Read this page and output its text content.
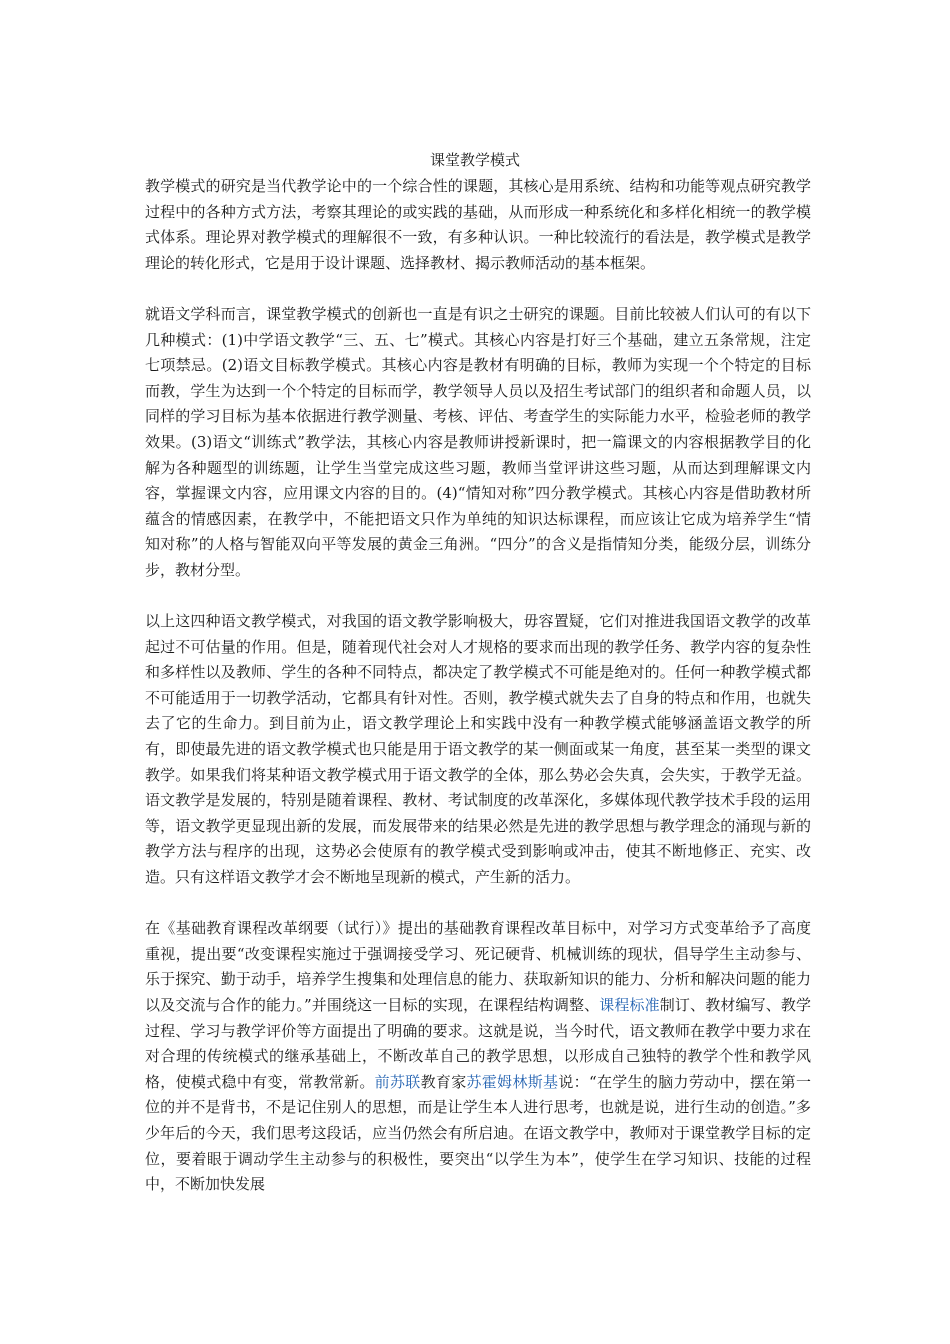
课堂教学模式

教学模式的研究是当代教学论中的一个综合性的课题，其核心是用系统、结构和功能等观点研究教学过程中的各种方式方法，考察其理论的或实践的基础，从而形成一种系统化和多样化相统一的教学模式体系。理论界对教学模式的理解很不一致，有多种认识。一种比较流行的看法是，教学模式是教学理论的转化形式，它是用于设计课题、选择教材、揭示教师活动的基本框架。

就语文学科而言，课堂教学模式的创新也一直是有识之士研究的课题。目前比较被人们认可的有以下几种模式：(1)中学语文教学“三、五、七”模式。其核心内容是打好三个基础，建立五条常规，注定七项禁忌。(2)语文目标教学模式。其核心内容是教材有明确的目标，教师为实现一个个特定的目标而教，学生为达到一个个特定的目标而学，教学领导人员以及招生考试部门的组织者和命题人员，以同样的学习目标为基本依据进行教学测量、考核、评估、考查学生的实际能力水平，检验老师的教学效果。(3)语文“训练式”教学法，其核心内容是教师讲授新课时，把一篇课文的内容根据教学目的化解为各种题型的训练题，让学生当堂完成这些习题，教师当堂评讲这些习题，从而达到理解课文内容，掌握课文内容，应用课文内容的目的。(4)“情知对称”四分教学模式。其核心内容是借助教材所蕴含的情感因素，在教学中，不能把语文只作为单纯的知识达标课程，而应该让它成为培养学生“情知对称”的人格与智能双向平等发展的黄金三角洲。“四分”的含义是指情知分类，能级分层，训练分步，教材分型。

以上这四种语文教学模式，对我国的语文教学影响极大，毋容置疑，它们对推进我国语文教学的改革起过不可估量的作用。但是，随着现代社会对人才规格的要求而出现的教学任务、教学内容的复杂性和多样性以及教师、学生的各种不同特点，都决定了教学模式不可能是绝对的。任何一种教学模式都不可能适用于一切教学活动，它都具有针对性。否则，教学模式就失去了自身的特点和作用，也就失去了它的生命力。到目前为止，语文教学理论上和实践中没有一种教学模式能够涵盖语文教学的所有，即使最先进的语文教学模式也只能是用于语文教学的某一侧面或某一角度，甚至某一类型的课文教学。如果我们将某种语文教学模式用于语文教学的全体，那么势必会失真，会失实，于教学无益。语文教学是发展的，特别是随着课程、教材、考试制度的改革深化，多媒体现代教学技术手段的运用等，语文教学更显现出新的发展，而发展带来的结果必然是先进的教学思想与教学理念的涌现与新的教学方法与程序的出现，这势必会使原有的教学模式受到影响或冲击，使其不断地修正、充实、改造。只有这样语文教学才会不断地呈现新的模式，产生新的活力。

在《基础教育课程改革纲要（试行）》提出的基础教育课程改革目标中，对学习方式变革给予了高度重视，提出要“改变课程实施过于强调接受学习、死记硬背、机械训练的现状，倡导学生主动参与、乐于探究、勤于动手，培养学生搜集和处理信息的能力、获取新知识的能力、分析和解决问题的能力以及交流与合作的能力。”并围绕这一目标的实现，在课程结构调整、课程标准制订、教材编写、教学过程、学习与教学评价等方面提出了明确的要求。这就是说，当今时代，语文教师在教学中要力求在对合理的传统模式的继承基础上，不断改革自己的教学思想，以形成自己独特的教学个性和教学风格，使模式稳中有变，常教常新。前苏联教育家苏霍姆林斯基说：“在学生的脑力劳动中，摆在第一位的并不是背书，不是记住别人的思想，而是让学生本人进行思考，也就是说，进行生动的创造。”多少年后的今天，我们思考这段话，应当仍然会有所启迪。在语文教学中，教师对于课堂教学目标的定位，要着眼于调动学生主动参与的积极性，要突出“以学生为本”，使学生在学习知识、技能的过程中，不断加快发展
